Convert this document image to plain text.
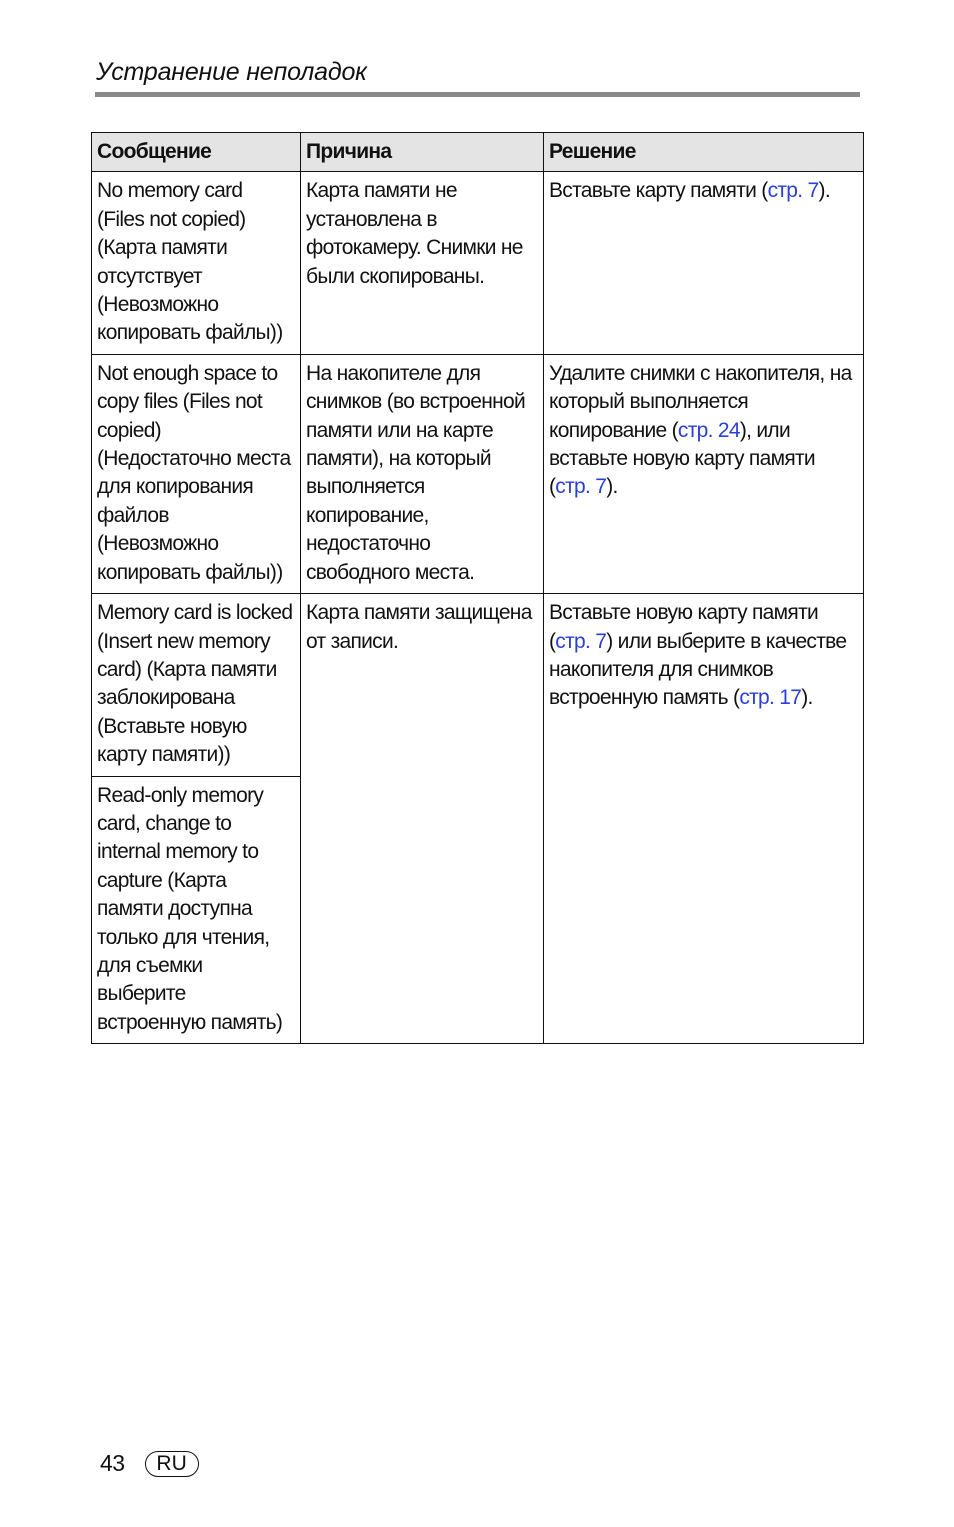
Устранение неполадок
Сообщение	Причина	Решение
No memory card (Files not copied) (Карта памяти отсутствует (Невозможно копировать файлы))	Карта памяти не установлена в фотокамеру. Снимки не были скопированы.	Вставьте карту памяти (стр. 7).
Not enough space to copy files (Files not copied) (Недостаточно места для копирования файлов (Невозможно копировать файлы))	На накопителе для снимков (во встроенной памяти или на карте памяти), на который выполняется копирование, недостаточно свободного места.	Удалите снимки с накопителя, на который выполняется копирование (стр. 24), или вставьте новую карту памяти (стр. 7).
Memory card is locked (Insert new memory card) (Карта памяти заблокирована (Вставьте новую карту памяти))	Карта памяти защищена от записи.	Вставьте новую карту памяти (стр. 7) или выберите в качестве накопителя для снимков встроенную память (стр. 17).
Read-only memory card, change to internal memory to capture (Карта памяти доступна только для чтения, для съемки выберите встроенную память)		
43	RU
